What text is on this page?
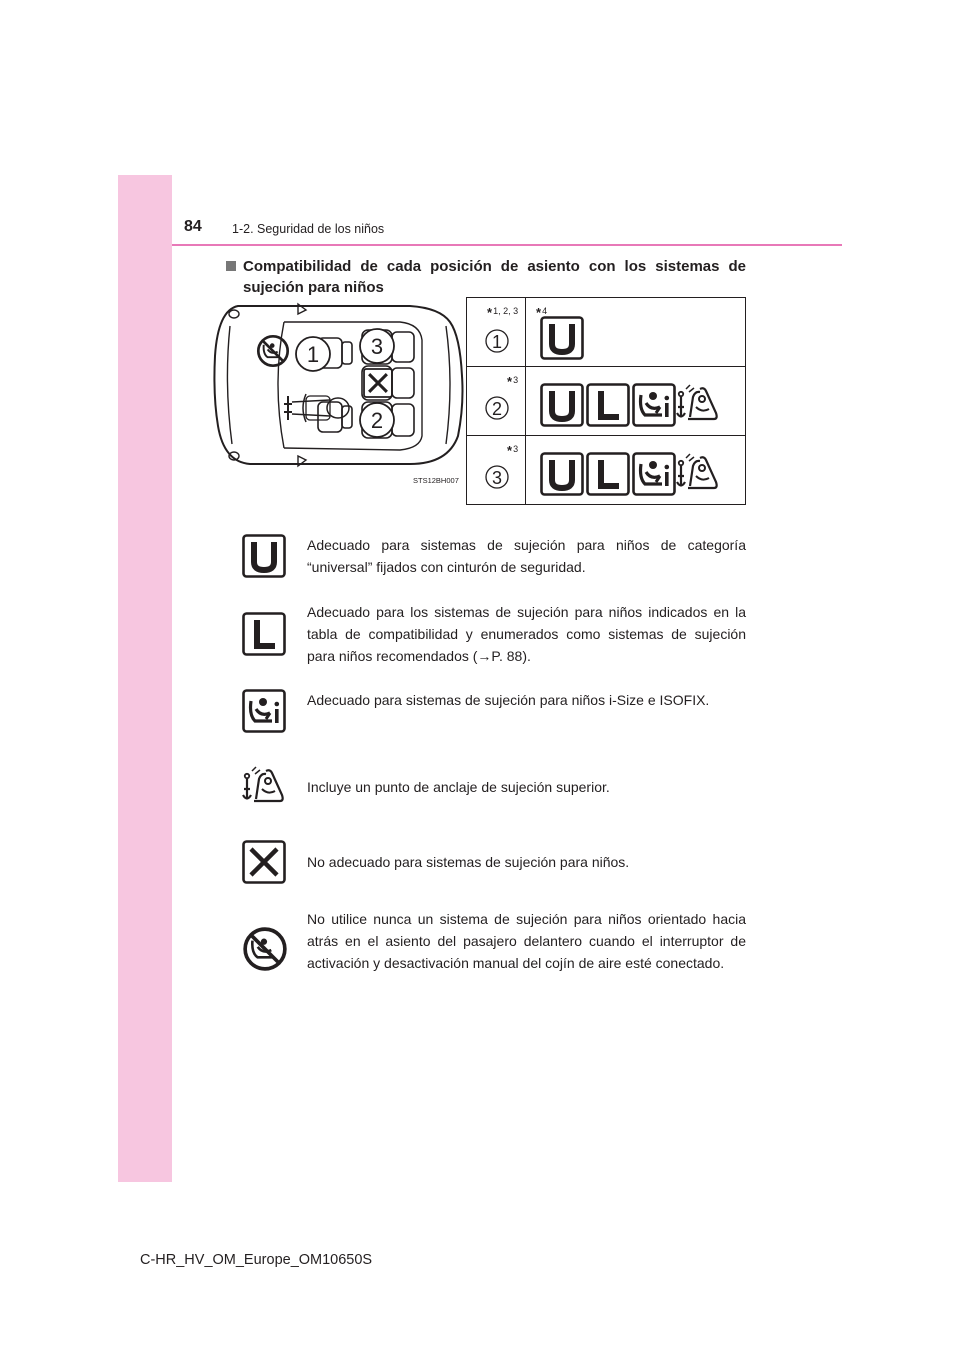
84 1-2. Seguridad de los niños
Compatibilidad de cada posición de asiento con los sistemas de sujeción para niños
1 3
2
STS12BH007
*1, 2, 3
1
*4
*3
2
*3
3
Adecuado para sistemas de sujeción para niños de categoría “universal” fijados con cinturón de seguridad.
Adecuado para los sistemas de sujeción para niños indicados en la tabla de compatibilidad y enumerados como sistemas de sujeción para niños recomendados (→P. 88).
Adecuado para sistemas de sujeción para niños i-Size e ISOFIX.
Incluye un punto de anclaje de sujeción superior.
No adecuado para sistemas de sujeción para niños.
No utilice nunca un sistema de sujeción para niños orientado hacia atrás en el asiento del pasajero delantero cuando el interruptor de activación y desactivación manual del cojín de aire esté conectado.
C-HR_HV_OM_Europe_OM10650S
